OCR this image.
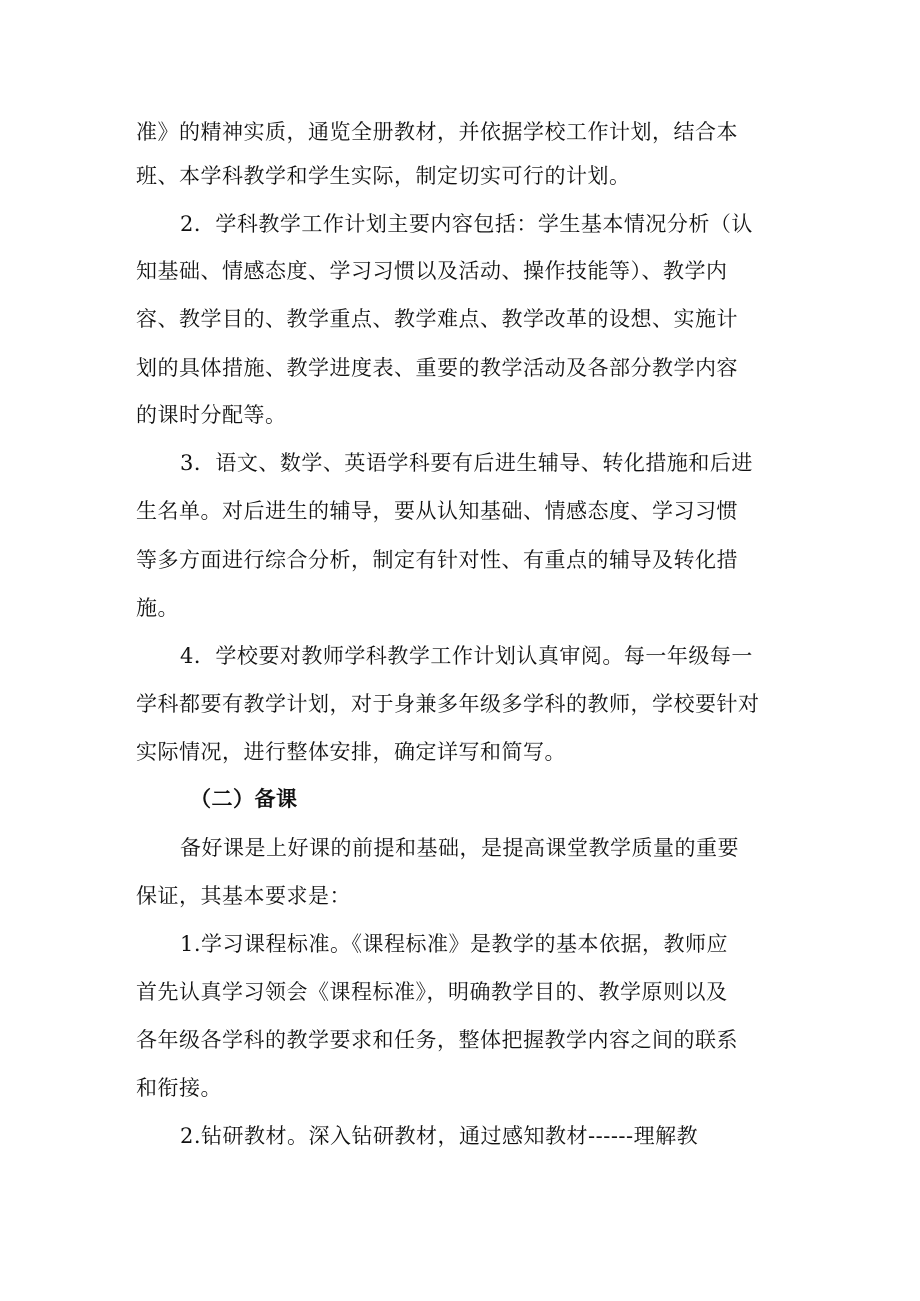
准》的精神实质，通览全册教材，并依据学校工作计划，结合本
班、本学科教学和学生实际，制定切实可行的计划。
2．学科教学工作计划主要内容包括：学生基本情况分析（认
知基础、情感态度、学习习惯以及活动、操作技能等）、教学内
容、教学目的、教学重点、教学难点、教学改革的设想、实施计
划的具体措施、教学进度表、重要的教学活动及各部分教学内容
的课时分配等。
3．语文、数学、英语学科要有后进生辅导、转化措施和后进
生名单。对后进生的辅导，要从认知基础、情感态度、学习习惯
等多方面进行综合分析，制定有针对性、有重点的辅导及转化措
施。
4．学校要对教师学科教学工作计划认真审阅。每一年级每一
学科都要有教学计划，对于身兼多年级多学科的教师，学校要针对
实际情况，进行整体安排，确定详写和简写。
（二）备课
备好课是上好课的前提和基础，是提高课堂教学质量的重要
保证，其基本要求是：
1.学习课程标准。《课程标准》是教学的基本依据，教师应
首先认真学习领会《课程标准》，明确教学目的、教学原则以及
各年级各学科的教学要求和任务，整体把握教学内容之间的联系
和衔接。
2.钻研教材。深入钻研教材，通过感知教材------理解教
